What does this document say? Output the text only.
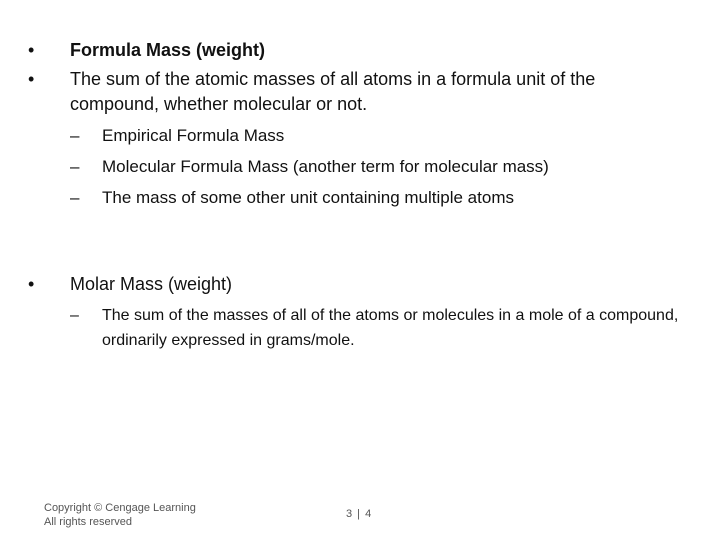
•	Formula Mass (weight)
•	The sum of the atomic masses of all atoms in a formula unit of the compound, whether molecular or not.
–	Empirical Formula Mass
–	Molecular Formula Mass (another term for molecular mass)
–	The mass of some other unit containing multiple atoms
•	Molar Mass (weight)
–	The sum of the masses of all of the atoms or molecules in a mole of a compound, ordinarily expressed in grams/mole.
Copyright © Cengage Learning
All rights reserved
3 | 4
